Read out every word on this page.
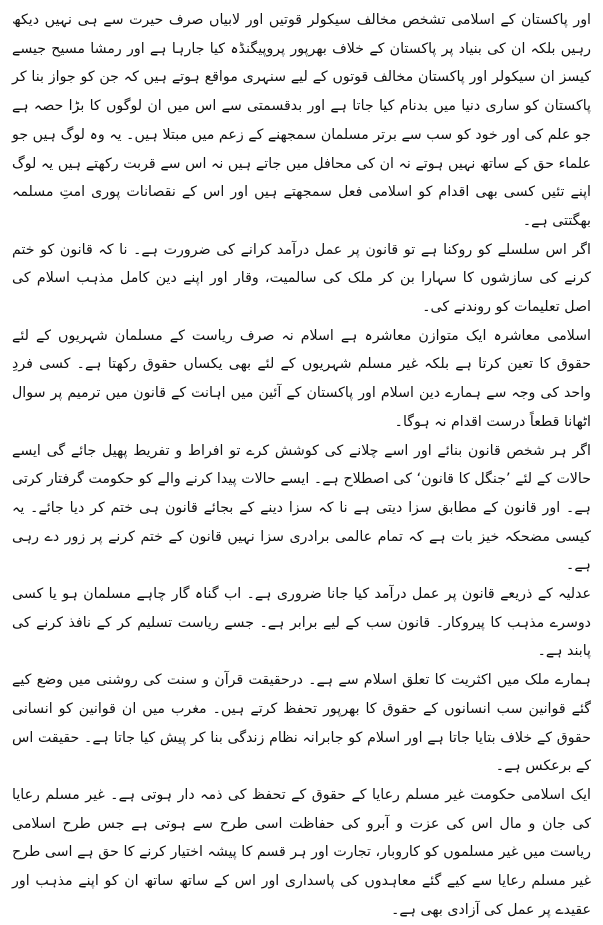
اور پاکستان کے اسلامی تشخص مخالف سیکولر قوتیں اور لابیاں صرف حیرت سے ہی نہیں دیکھ رہیں بلکہ ان کی بنیاد پر پاکستان کے خلاف بھرپور پروپیگنڈہ کیا جارہا ہے اور رمشا مسیح جیسے کیسز ان سیکولر اور پاکستان مخالف قوتوں کے لیے سنہری مواقع ہوتے ہیں کہ جن کو جواز بنا کر پاکستان کو ساری دنیا میں بدنام کیا جاتا ہے اور بدقسمتی سے اس میں ان لوگوں کا بڑا حصہ ہے جو علم کی اور خود کو سب سے برتر مسلمان سمجھنے کے زعم میں مبتلا ہیں۔ یہ وہ لوگ ہیں جو علماء حق کے ساتھ نہیں ہوتے نہ ان کی محافل میں جاتے ہیں نہ اس سے قربت رکھتے ہیں یہ لوگ اپنے تئیں کسی بھی اقدام کو اسلامی فعل سمجھتے ہیں اور اس کے نقصانات پوری امتِ مسلمہ بھگتتی ہے۔

اگر اس سلسلے کو روکنا ہے تو قانون پر عمل درآمد کرانے کی ضرورت ہے۔ نا کہ قانون کو ختم کرنے کی سازشوں کا سہارا بن کر ملک کی سالمیت، وقار اور اپنے دین کامل مذہب اسلام کی اصل تعلیمات کو روندنے کی۔

اسلامی معاشرہ ایک متوازن معاشرہ ہے اسلام نہ صرف ریاست کے مسلمان شہریوں کے لئے حقوق کا تعین کرتا ہے بلکہ غیر مسلم شہریوں کے لئے بھی یکساں حقوق رکھتا ہے۔ کسی فردِ واحد کی وجہ سے ہمارے دین اسلام اور پاکستان کے آئین میں اہانت کے قانون میں ترمیم پر سوال اٹھانا قطعاً درست اقدام نہ ہوگا۔

اگر ہر شخص قانون بنائے اور اسے چلانے کی کوشش کرے تو افراط و تفریط پھیل جائے گی ایسے حالات کے لئے ’جنگل کا قانون‘ کی اصطلاح ہے۔ ایسے حالات پیدا کرنے والے کو حکومت گرفتار کرتی ہے۔ اور قانون کے مطابق سزا دیتی ہے نا کہ سزا دینے کے بجائے قانون ہی ختم کر دیا جائے۔ یہ کیسی مضحکہ خیز بات ہے کہ تمام عالمی برادری سزا نہیں قانون کے ختم کرنے پر زور دے رہی ہے۔

عدلیہ کے ذریعے قانون پر عمل درآمد کیا جانا ضروری ہے۔ اب گناہ گار چاہے مسلمان ہو یا کسی دوسرے مذہب کا پیروکار۔ قانون سب کے لیے برابر ہے۔ جسے ریاست تسلیم کر کے نافذ کرنے کی پابند ہے۔

ہمارے ملک میں اکثریت کا تعلق اسلام سے ہے۔ درحقیقت قرآن و سنت کی روشنی میں وضع کیے گئے قوانین سب انسانوں کے حقوق کا بھرپور تحفظ کرتے ہیں۔ مغرب میں ان قوانین کو انسانی حقوق کے خلاف بتایا جاتا ہے اور اسلام کو جابرانہ نظام زندگی بنا کر پیش کیا جاتا ہے۔ حقیقت اس کے برعکس ہے۔

ایک اسلامی حکومت غیر مسلم رعایا کے حقوق کے تحفظ کی ذمہ دار ہوتی ہے۔ غیر مسلم رعایا کی جان و مال اس کی عزت و آبرو کی حفاظت اسی طرح سے ہوتی ہے جس طرح اسلامی ریاست میں غیر مسلموں کو کاروبار، تجارت اور ہر قسم کا پیشہ اختیار کرنے کا حق ہے اسی طرح غیر مسلم رعایا سے کیے گئے معاہدوں کی پاسداری اور اس کے ساتھ ساتھ ان کو اپنے مذہب اور عقیدے پر عمل کی آزادی بھی ہے۔
